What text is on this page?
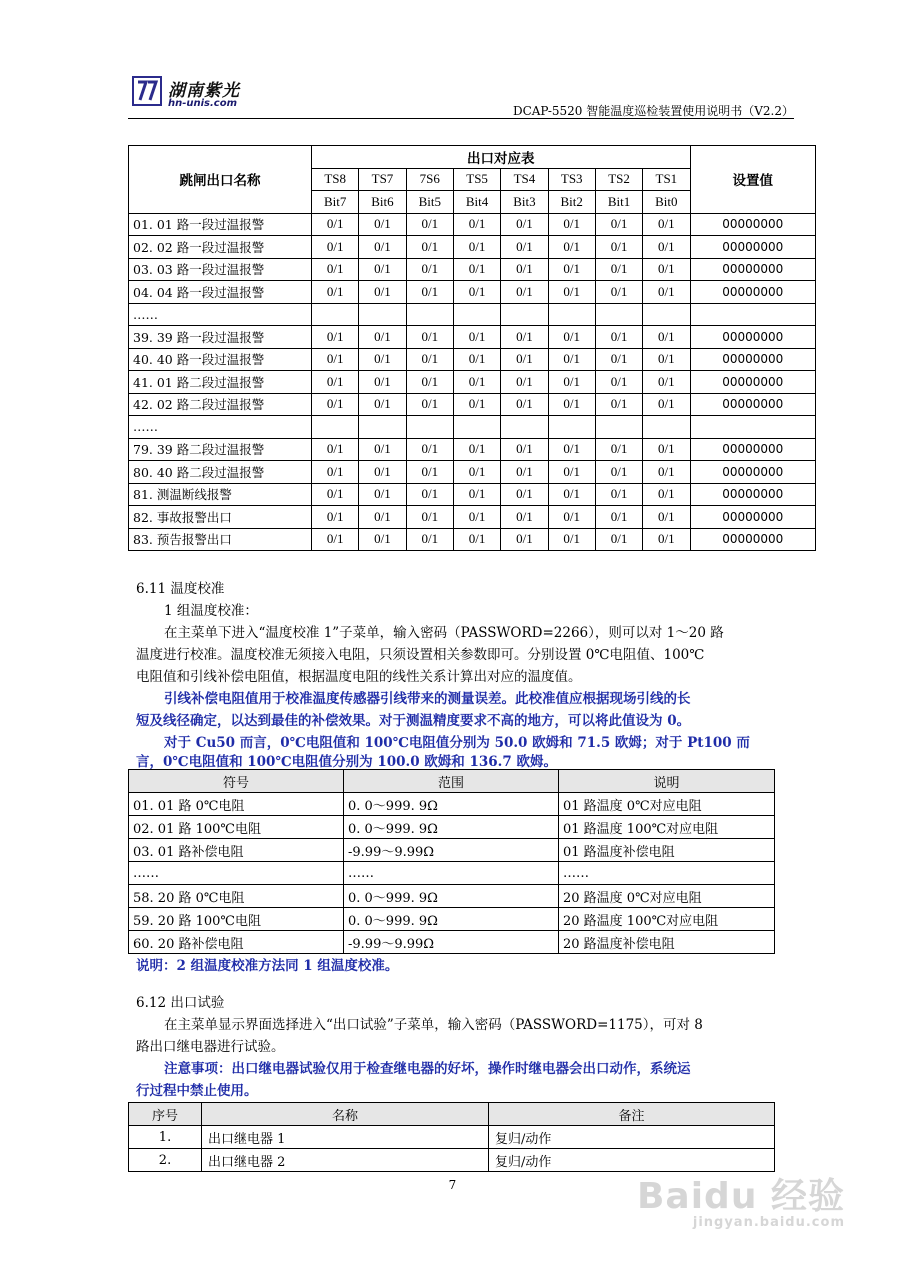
湖南紫光
hn-unis.com
DCAP-5520 智能温度巡检装置使用说明书（V2.2）
跳闸出口名称	出口对应表								设置值
	TS8	TS7	7S6	TS5	TS4	TS3	TS2	TS1	
	Bit7	Bit6	Bit5	Bit4	Bit3	Bit2	Bit1	Bit0	
01. 01 路一段过温报警	0/1	0/1	0/1	0/1	0/1	0/1	0/1	0/1	00000000
02. 02 路一段过温报警	0/1	0/1	0/1	0/1	0/1	0/1	0/1	0/1	00000000
03. 03 路一段过温报警	0/1	0/1	0/1	0/1	0/1	0/1	0/1	0/1	00000000
04. 04 路一段过温报警	0/1	0/1	0/1	0/1	0/1	0/1	0/1	0/1	00000000
……									
39. 39 路一段过温报警	0/1	0/1	0/1	0/1	0/1	0/1	0/1	0/1	00000000
40. 40 路一段过温报警	0/1	0/1	0/1	0/1	0/1	0/1	0/1	0/1	00000000
41. 01 路二段过温报警	0/1	0/1	0/1	0/1	0/1	0/1	0/1	0/1	00000000
42. 02 路二段过温报警	0/1	0/1	0/1	0/1	0/1	0/1	0/1	0/1	00000000
……									
79. 39 路二段过温报警	0/1	0/1	0/1	0/1	0/1	0/1	0/1	0/1	00000000
80. 40 路二段过温报警	0/1	0/1	0/1	0/1	0/1	0/1	0/1	0/1	00000000
81. 测温断线报警	0/1	0/1	0/1	0/1	0/1	0/1	0/1	0/1	00000000
82. 事故报警出口	0/1	0/1	0/1	0/1	0/1	0/1	0/1	0/1	00000000
83. 预告报警出口	0/1	0/1	0/1	0/1	0/1	0/1	0/1	0/1	00000000
6.11 温度校准
1 组温度校准：
在主菜单下进入“温度校准 1”子菜单，输入密码（PASSWORD=2266），则可以对 1～20 路
温度进行校准。温度校准无须接入电阻，只须设置相关参数即可。分别设置 0℃电阻值、100℃
电阻值和引线补偿电阻值，根据温度电阻的线性关系计算出对应的温度值。
引线补偿电阻值用于校准温度传感器引线带来的测量误差。此校准值应根据现场引线的长
短及线径确定，以达到最佳的补偿效果。对于测温精度要求不高的地方，可以将此值设为 0。
对于 Cu50 而言，0℃电阻值和 100℃电阻值分别为 50.0 欧姆和 71.5 欧姆；对于 Pt100 而
言，0℃电阻值和 100℃电阻值分别为 100.0 欧姆和 136.7 欧姆。
符号	范围	说明
01. 01 路 0℃电阻	0. 0～999. 9Ω	01 路温度 0℃对应电阻
02. 01 路 100℃电阻	0. 0～999. 9Ω	01 路温度 100℃对应电阻
03. 01 路补偿电阻	-9.99～9.99Ω	01 路温度补偿电阻
……	……	……
58. 20 路 0℃电阻	0. 0～999. 9Ω	20 路温度 0℃对应电阻
59. 20 路 100℃电阻	0. 0～999. 9Ω	20 路温度 100℃对应电阻
60. 20 路补偿电阻	-9.99～9.99Ω	20 路温度补偿电阻
说明：2 组温度校准方法同 1 组温度校准。
6.12 出口试验
在主菜单显示界面选择进入“出口试验”子菜单，输入密码（PASSWORD=1175），可对 8
路出口继电器进行试验。
注意事项：出口继电器试验仅用于检查继电器的好坏，操作时继电器会出口动作，系统运
行过程中禁止使用。
序号	名称	备注
1.	出口继电器 1	复归/动作
2.	出口继电器 2	复归/动作
7	Baidu 经验
jingyan.baidu.com
